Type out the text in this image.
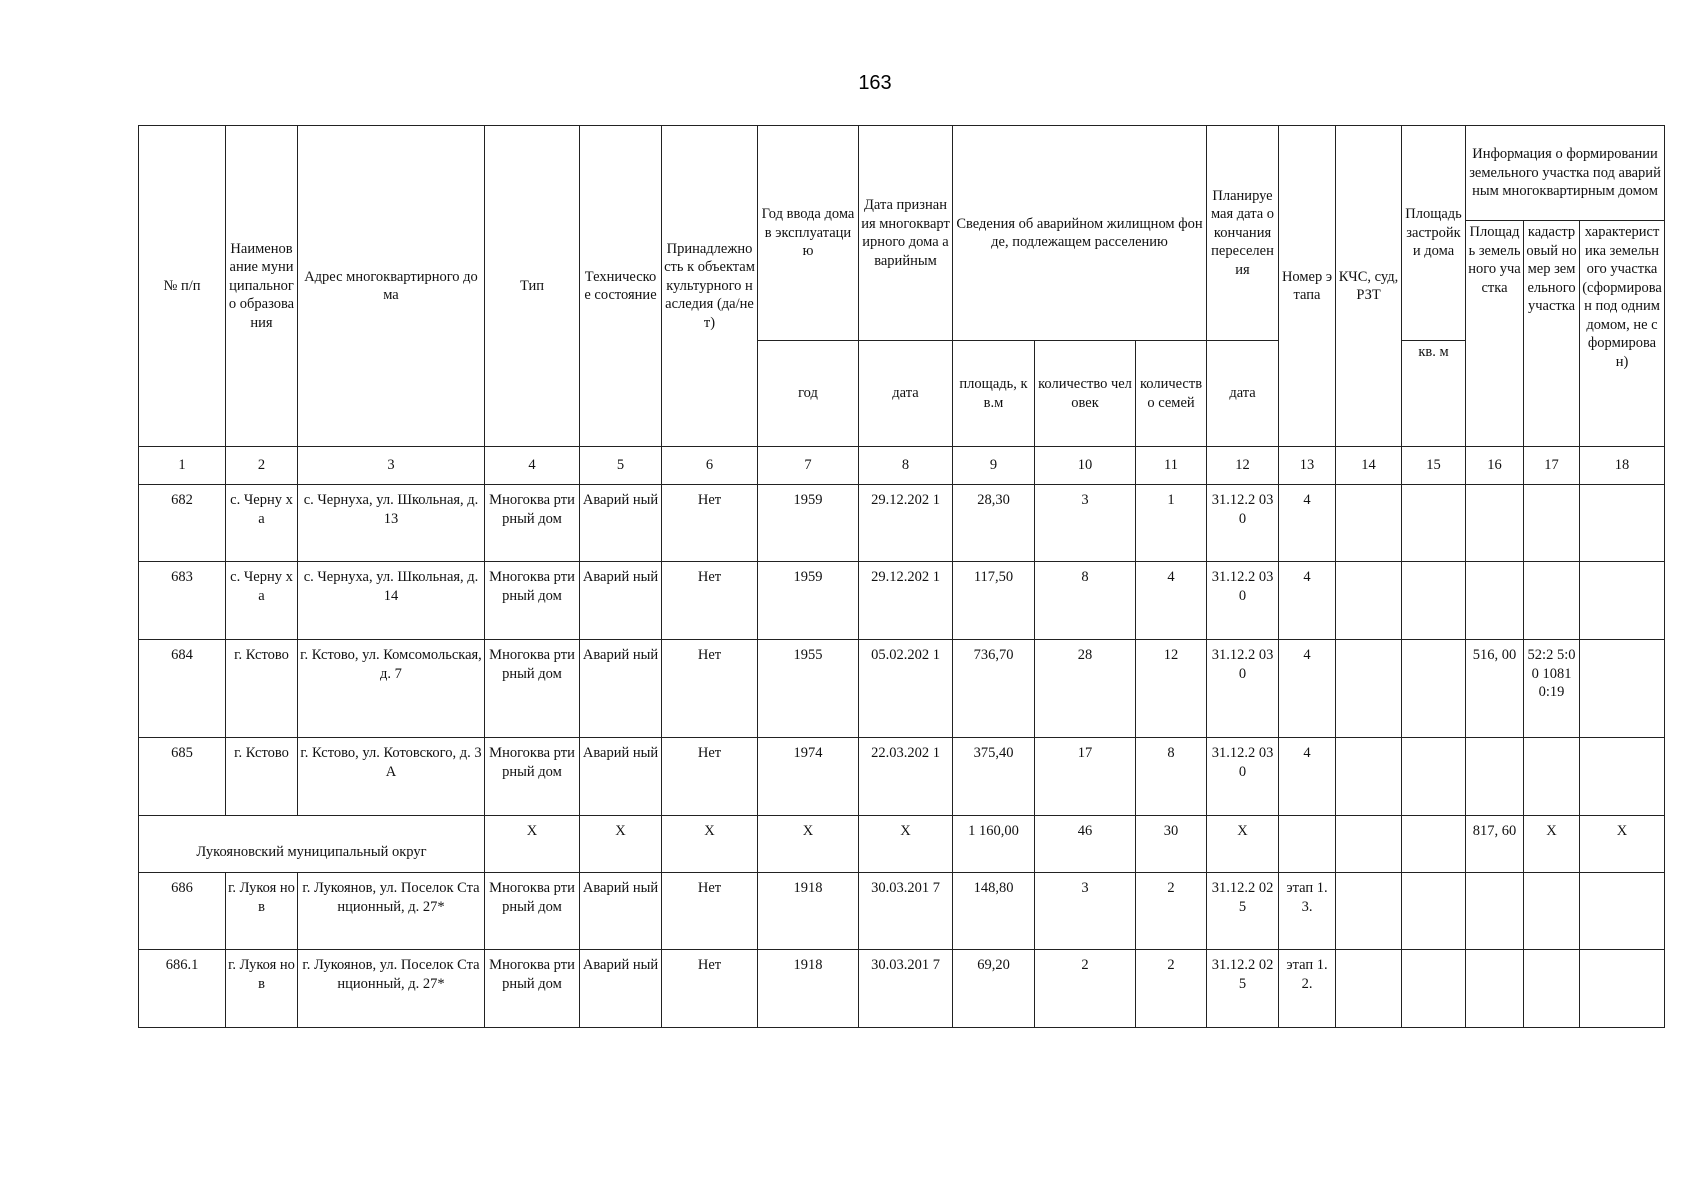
163
№ п/п	Наименование муниципального образования	Адрес многоквартирного дома	Тип	Техническое состояние	Принадлежность к объектам культурного наследия (да/нет)	Год ввода дома в эксплуатацию	Дата признания многоквартирного дома аварийным	Сведения об аварийном жилищном фонде, подлежащем расселению			Планируемая дата окончания переселения	Номер этапа	КЧС, суд, РЗТ	Площадь застройки дома	Информация о формировании земельного участка под аварийным многоквартирным домом		
															Площадь земельного участка	кадастровый номер земельного участка	характеристика земельного участка (сформирован под одним домом, не сформирован)
						год	дата	площадь, кв.м	количество человек	количество семей	дата			кв. м			
1	2	3	4	5	6	7	8	9	10	11	12	13	14	15	16	17	18
682	с. Черну ха	с. Чернуха, ул. Школьная, д. 13	Многоква ртирный дом	Аварий ный	Нет	1959	29.12.202 1	28,30	3	1	31.12.2 030	4					
683	с. Черну ха	с. Чернуха, ул. Школьная, д. 14	Многоква ртирный дом	Аварий ный	Нет	1959	29.12.202 1	117,50	8	4	31.12.2 030	4					
684	г. Кстово	г. Кстово, ул. Комсомольская, д. 7	Многоква ртирный дом	Аварий ный	Нет	1955	05.02.202 1	736,70	28	12	31.12.2 030	4			516, 00	52:2 5:00 1081 0:19	
685	г. Кстово	г. Кстово, ул. Котовского, д. 3 А	Многоква ртирный дом	Аварий ный	Нет	1974	22.03.202 1	375,40	17	8	31.12.2 030	4					
Лукояновский муниципальный округ			X	X	X	X	X	1 160,00	46	30	X				817, 60	X	X
686	г. Лукоя нов	г. Лукоянов, ул. Поселок Станционный, д. 27*	Многоква ртирный дом	Аварий ный	Нет	1918	30.03.201 7	148,80	3	2	31.12.2 025	этап 1.3.					
686.1	г. Лукоя нов	г. Лукоянов, ул. Поселок Станционный, д. 27*	Многоква ртирный дом	Аварий ный	Нет	1918	30.03.201 7	69,20	2	2	31.12.2 025	этап 1.2.					
